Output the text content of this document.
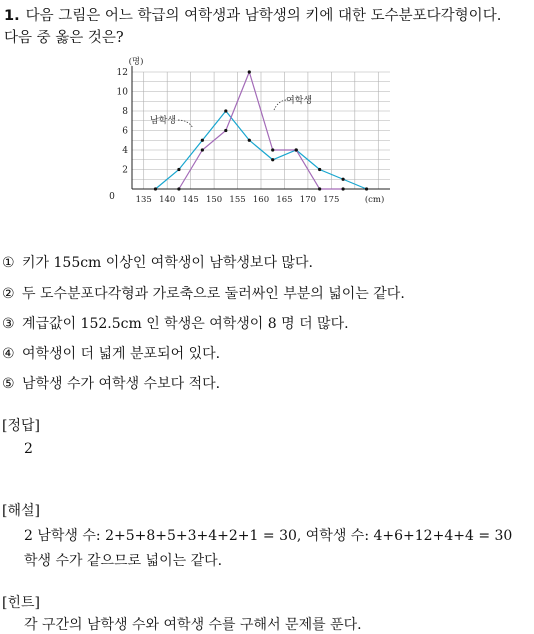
1. 다음 그림은 어느 학급의 여학생과 남학생의 키에 대한 도수분포다각형이다.
다음 중 옳은 것은?
2
4
6
8
10
12
135 140 145 150 155 160 165 170 175
(명)
(cm)
0
남학생
여학생
① 키가 155cm 이상인 여학생이 남학생보다 많다.
② 두 도수분포다각형과 가로축으로 둘러싸인 부분의 넓이는 같다.
③ 계급값이 152.5cm 인 학생은 여학생이 8 명 더 많다.
④ 여학생이 더 넓게 분포되어 있다.
⑤ 남학생 수가 여학생 수보다 적다.
[정답]
2
[해설]
2 남학생 수: 2+5+8+5+3+4+2+1 = 30, 여학생 수: 4+6+12+4+4 = 30
학생 수가 같으므로 넓이는 같다.
[힌트]
각 구간의 남학생 수와 여학생 수를 구해서 문제를 푼다.
